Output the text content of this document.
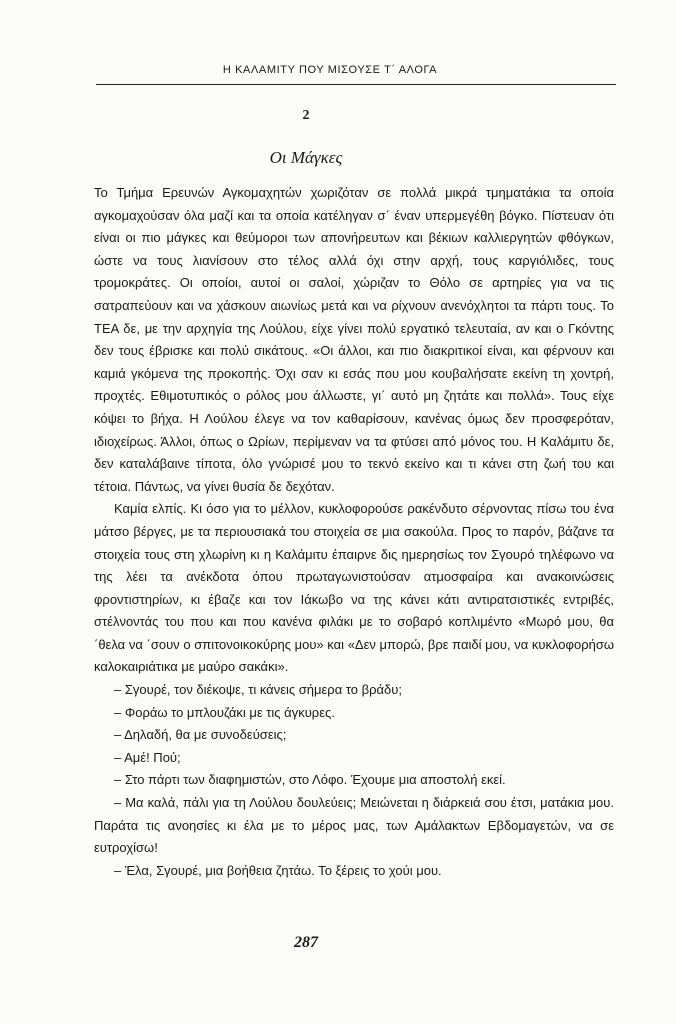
Η ΚΑΛΑΜΙΤΥ ΠΟΥ ΜΙΣΟΥΣΕ Τ΄ ΑΛΟΓΑ
2
Οι Μάγκες

Το Τμήμα Ερευνών Αγκομαχητών χωριζόταν σε πολλά μικρά τμηματάκια τα οποία αγκομαχούσαν όλα μαζί και τα οποία κατέληγαν σ΄ έναν υπερμεγέθη βόγκο. Πίστευαν ότι είναι οι πιο μάγκες και θεύμοροι των απονήρευτων και βέκιων καλλιεργητών φθόγκων, ώστε να τους λιανίσουν στο τέλος αλλά όχι στην αρχή, τους καργιόλιδες, τους τρομοκράτες. Οι οποίοι, αυτοί οι σαλοί, χώριζαν το Θόλο σε αρτηρίες για να τις σατραπεύουν και να χάσκουν αιωνίως μετά και να ρίχνουν ανενόχλητοι τα πάρτι τους. Το ΤΕΑ δε, με την αρχηγία της Λούλου, είχε γίνει πολύ εργατικό τελευταία, αν και ο Γκόντης δεν τους έβρισκε και πολύ σικάτους. «Οι άλλοι, και πιο διακριτικοί είναι, και φέρνουν και καμιά γκόμενα της προκοπής. Όχι σαν κι εσάς που μου κουβαλήσατε εκείνη τη χοντρή, προχτές. Εθιμοτυπικός ο ρόλος μου άλλωστε, γι΄ αυτό μη ζητάτε και πολλά». Τους είχε κόψει το βήχα. Η Λούλου έλεγε να τον καθαρίσουν, κανένας όμως δεν προσφερόταν, ιδιοχείρως. Άλλοι, όπως ο Ωρίων, περίμεναν να τα φτύσει από μόνος του. Η Καλάμιτυ δε, δεν καταλάβαινε τίποτα, όλο γνώρισέ μου το τεκνό εκείνο και τι κάνει στη ζωή του και τέτοια. Πάντως, να γίνει θυσία δε δεχόταν.

Καμία ελπίς. Κι όσο για το μέλλον, κυκλοφορούσε ρακένδυτο σέρνοντας πίσω του ένα μάτσο βέργες, με τα περιουσιακά του στοιχεία σε μια σακούλα. Προς το παρόν, βάζανε τα στοιχεία τους στη χλωρίνη κι η Καλάμιτυ έπαιρνε δις ημερησίως τον Σγουρό τηλέφωνο να της λέει τα ανέκδοτα όπου πρωταγωνιστούσαν ατμοσφαίρα και ανακοινώσεις φροντιστηρίων, κι έβαζε και τον Ιάκωβο να της κάνει κάτι αντιρατσιστικές εντριβές, στέλνοντάς του που και που κανένα φιλάκι με το σοβαρό κοπλιμέντο «Μωρό μου, θα ΄θελα να ΄σουν ο σπιτονοικοκύρης μου» και «Δεν μπορώ, βρε παιδί μου, να κυκλοφορήσω καλοκαιριάτικα με μαύρο σακάκι».

– Σγουρέ, τον διέκοψε, τι κάνεις σήμερα το βράδυ;

– Φοράω το μπλουζάκι με τις άγκυρες.

– Δηλαδή, θα με συνοδεύσεις;

– Αμέ! Πού;

– Στο πάρτι των διαφημιστών, στο Λόφο. Έχουμε μια αποστολή εκεί.

– Μα καλά, πάλι για τη Λούλου δουλεύεις; Μειώνεται η διάρκειά σου έτσι, ματάκια μου. Παράτα τις ανοησίες κι έλα με το μέρος μας, των Αμάλακτων Εβδομαγετών, να σε ευτροχίσω!

– Έλα, Σγουρέ, μια βοήθεια ζητάω. Το ξέρεις το χούι μου.

287
